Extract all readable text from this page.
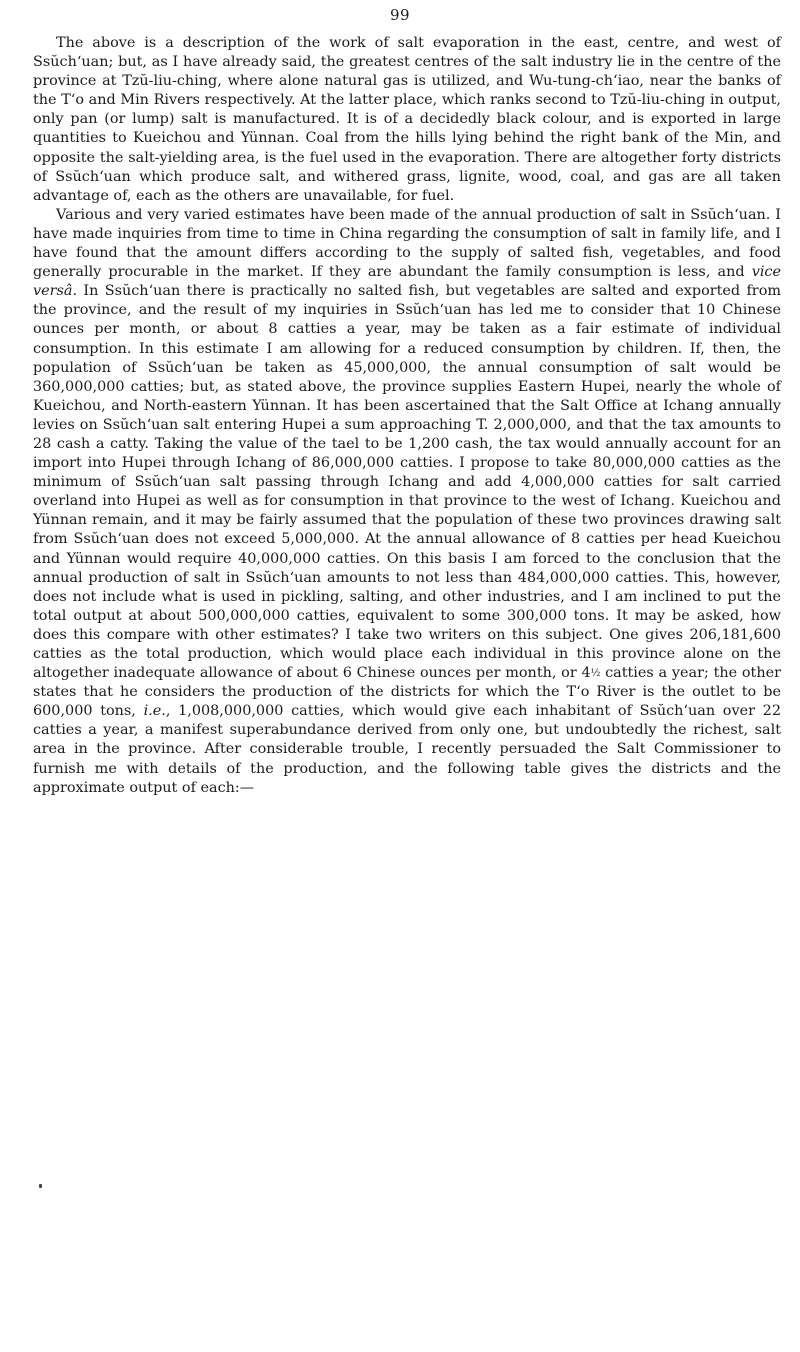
99

The above is a description of the work of salt evaporation in the east, centre, and west of Ssŭch‘uan; but, as I have already said, the greatest centres of the salt industry lie in the centre of the province at Tzŭ-liu-ching, where alone natural gas is utilized, and Wu-tung-ch‘iao, near the banks of the T‘o and Min Rivers respectively. At the latter place, which ranks second to Tzŭ-liu-ching in output, only pan (or lump) salt is manufactured. It is of a decidedly black colour, and is exported in large quantities to Kueichou and Yünnan. Coal from the hills lying behind the right bank of the Min, and opposite the salt-yielding area, is the fuel used in the evaporation. There are altogether forty districts of Ssŭch‘uan which produce salt, and withered grass, lignite, wood, coal, and gas are all taken advantage of, each as the others are unavailable, for fuel.

Various and very varied estimates have been made of the annual production of salt in Ssŭch‘uan. I have made inquiries from time to time in China regarding the consumption of salt in family life, and I have found that the amount differs according to the supply of salted fish, vegetables, and food generally procurable in the market. If they are abundant the family consumption is less, and vice versâ. In Ssŭch‘uan there is practically no salted fish, but vegetables are salted and exported from the province, and the result of my inquiries in Ssŭch‘uan has led me to consider that 10 Chinese ounces per month, or about 8 catties a year, may be taken as a fair estimate of individual consumption. In this estimate I am allowing for a reduced consumption by children. If, then, the population of Ssŭch‘uan be taken as 45,000,000, the annual consumption of salt would be 360,000,000 catties; but, as stated above, the province supplies Eastern Hupei, nearly the whole of Kueichou, and North-eastern Yünnan. It has been ascertained that the Salt Office at Ichang annually levies on Ssŭch‘uan salt entering Hupei a sum approaching T. 2,000,000, and that the tax amounts to 28 cash a catty. Taking the value of the tael to be 1,200 cash, the tax would annually account for an import into Hupei through Ichang of 86,000,000 catties. I propose to take 80,000,000 catties as the minimum of Ssŭch‘uan salt passing through Ichang and add 4,000,000 catties for salt carried overland into Hupei as well as for consumption in that province to the west of Ichang. Kueichou and Yünnan remain, and it may be fairly assumed that the population of these two provinces drawing salt from Ssŭch‘uan does not exceed 5,000,000. At the annual allowance of 8 catties per head Kueichou and Yünnan would require 40,000,000 catties. On this basis I am forced to the conclusion that the annual production of salt in Ssŭch‘uan amounts to not less than 484,000,000 catties. This, however, does not include what is used in pickling, salting, and other industries, and I am inclined to put the total output at about 500,000,000 catties, equivalent to some 300,000 tons. It may be asked, how does this compare with other estimates? I take two writers on this subject. One gives 206,181,600 catties as the total production, which would place each individual in this province alone on the altogether inadequate allowance of about 6 Chinese ounces per month, or 4½ catties a year; the other states that he considers the production of the districts for which the T‘o River is the outlet to be 600,000 tons, i.e., 1,008,000,000 catties, which would give each inhabitant of Ssŭch‘uan over 22 catties a year, a manifest superabundance derived from only one, but undoubtedly the richest, salt area in the province. After considerable trouble, I recently persuaded the Salt Commissioner to furnish me with details of the production, and the following table gives the districts and the approximate output of each:—
